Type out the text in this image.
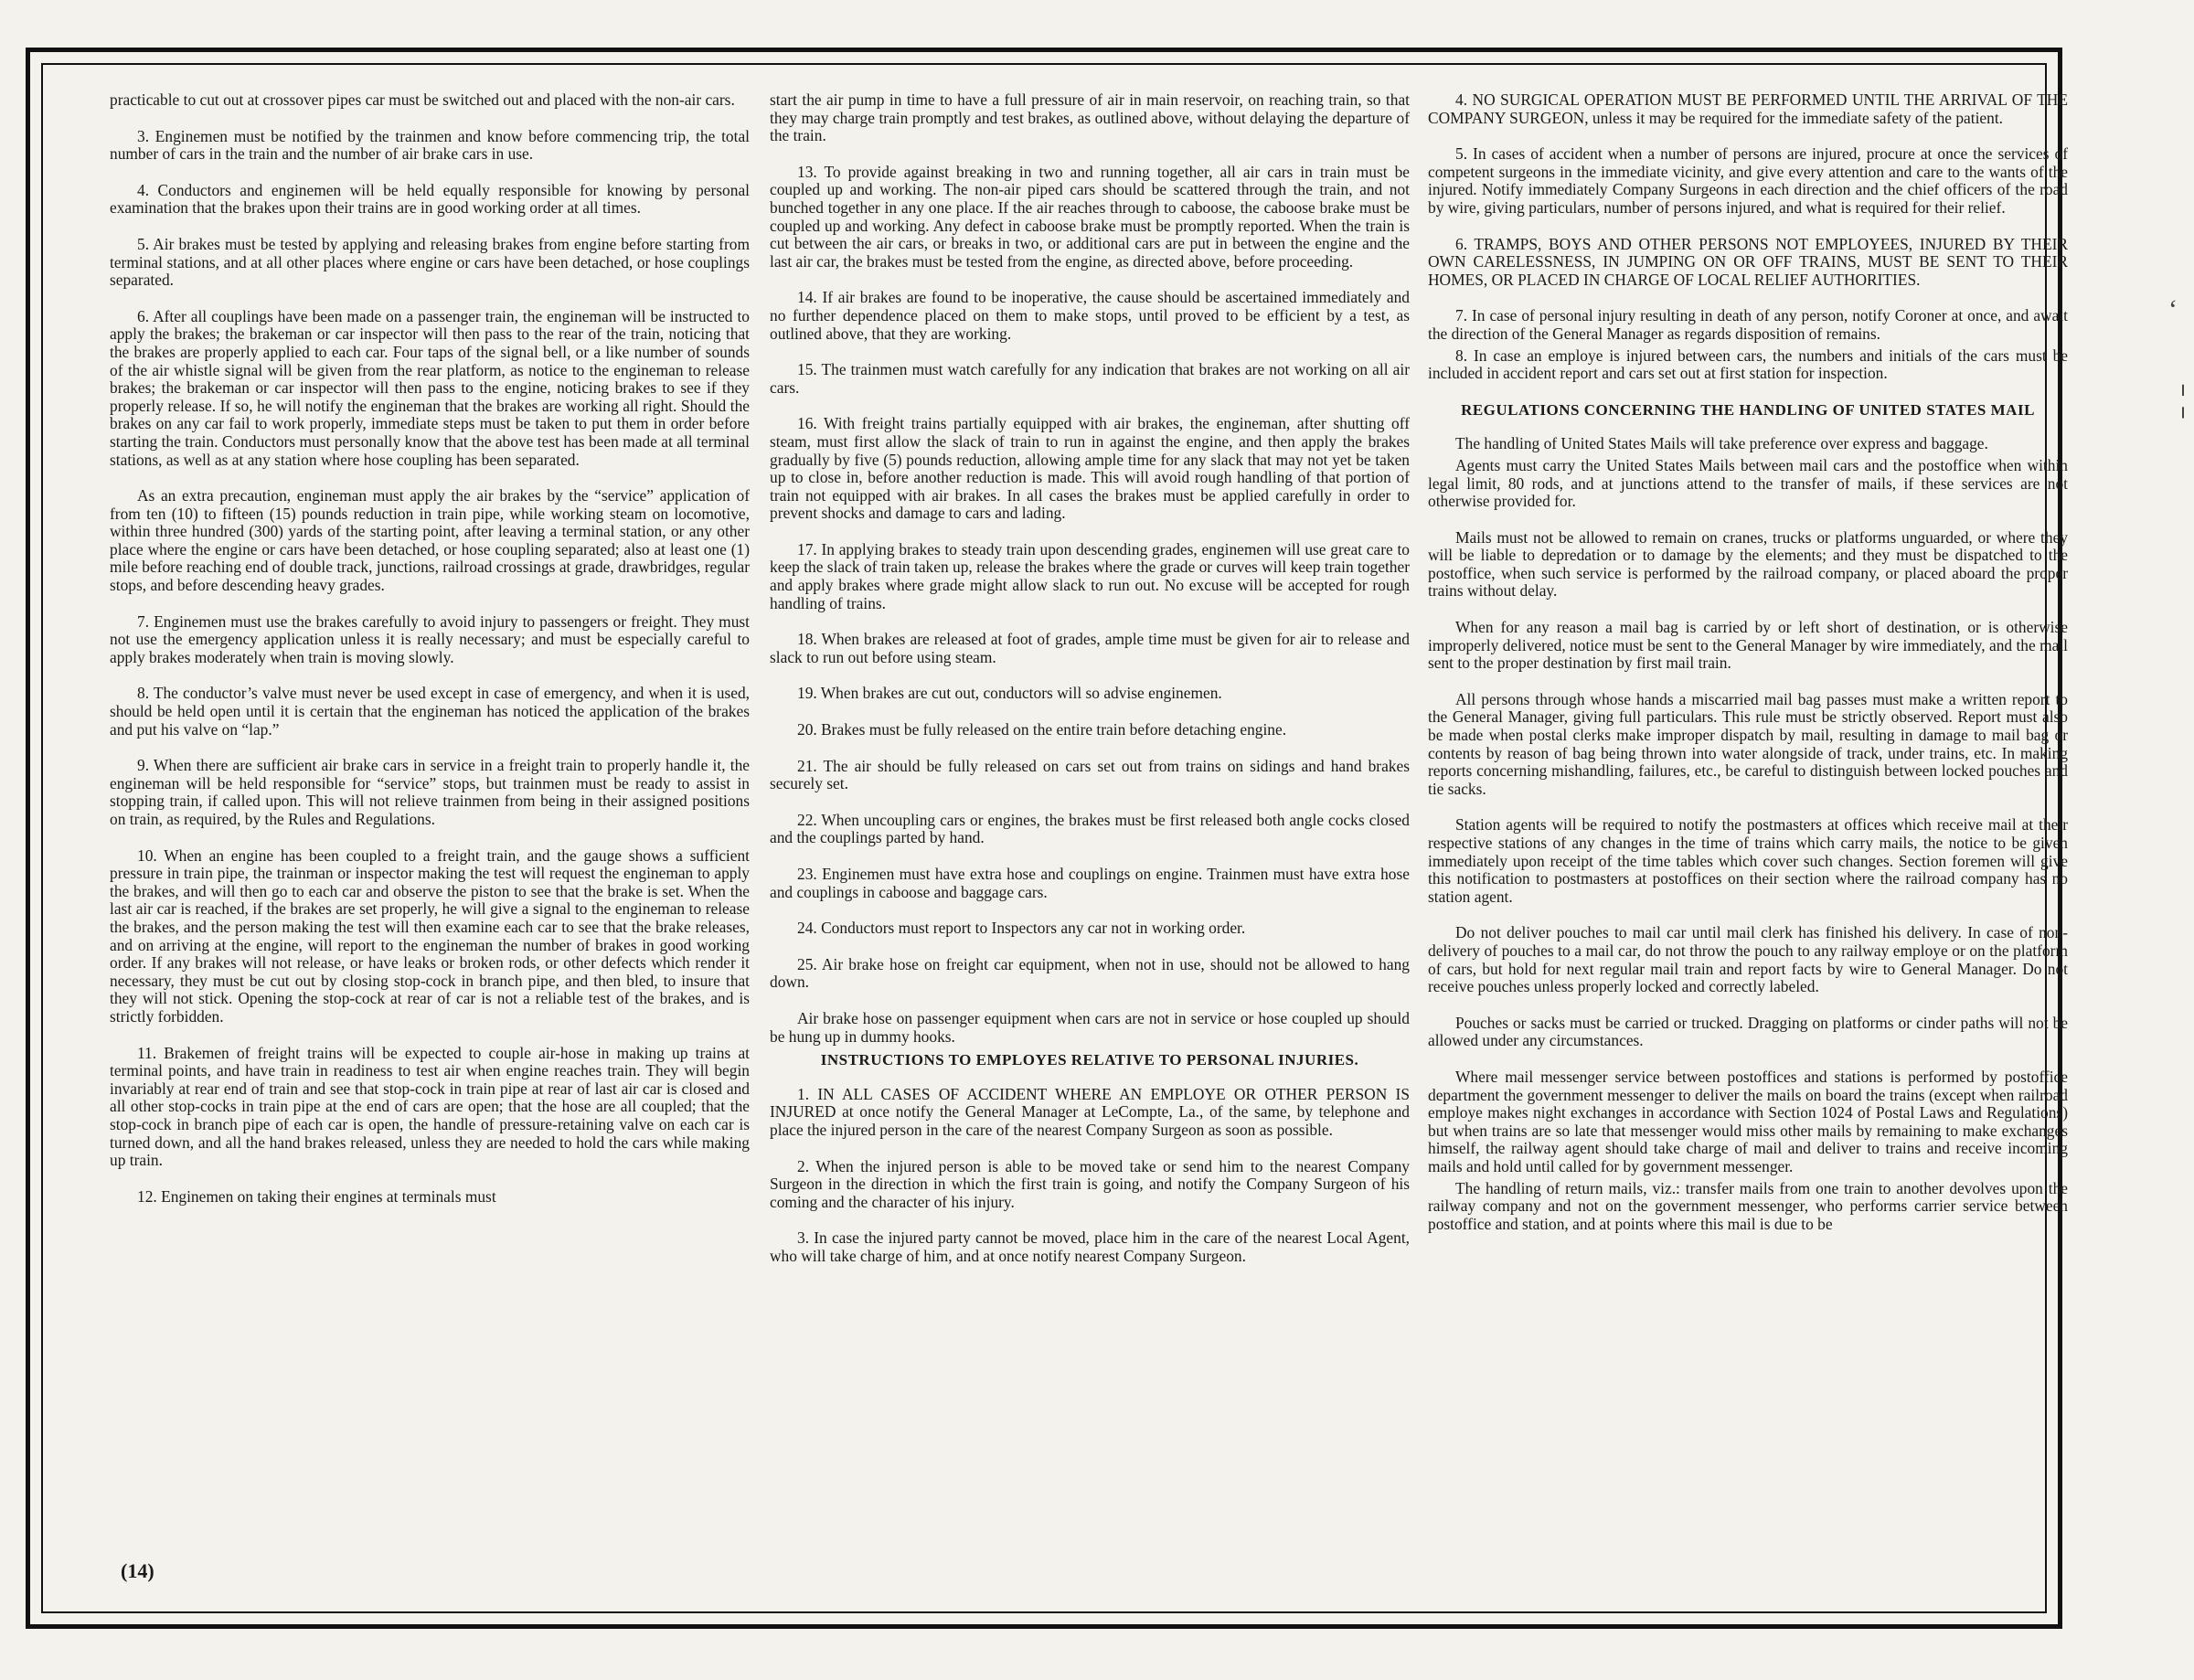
‘
¦

practicable to cut out at crossover pipes car must be switched out and placed with the non-air cars.

3. Enginemen must be notified by the trainmen and know before commencing trip, the total number of cars in the train and the number of air brake cars in use.

4. Conductors and enginemen will be held equally responsible for knowing by personal examination that the brakes upon their trains are in good working order at all times.

5. Air brakes must be tested by applying and releasing brakes from engine before starting from terminal stations, and at all other places where engine or cars have been detached, or hose couplings separated.

6. After all couplings have been made on a passenger train, the engineman will be instructed to apply the brakes; the brakeman or car inspector will then pass to the rear of the train, noticing that the brakes are properly applied to each car. Four taps of the signal bell, or a like number of sounds of the air whistle signal will be given from the rear platform, as notice to the engineman to release brakes; the brakeman or car inspector will then pass to the engine, noticing brakes to see if they properly release. If so, he will notify the engineman that the brakes are working all right. Should the brakes on any car fail to work properly, immediate steps must be taken to put them in order before starting the train. Conductors must personally know that the above test has been made at all terminal stations, as well as at any station where hose coupling has been separated.

As an extra precaution, engineman must apply the air brakes by the “service” application of from ten (10) to fifteen (15) pounds reduction in train pipe, while working steam on locomotive, within three hundred (300) yards of the starting point, after leaving a terminal station, or any other place where the engine or cars have been detached, or hose coupling separated; also at least one (1) mile before reaching end of double track, junctions, railroad crossings at grade, drawbridges, regular stops, and before descending heavy grades.

7. Enginemen must use the brakes carefully to avoid injury to passengers or freight. They must not use the emergency application unless it is really necessary; and must be especially careful to apply brakes moderately when train is moving slowly.

8. The conductor’s valve must never be used except in case of emergency, and when it is used, should be held open until it is certain that the engineman has noticed the application of the brakes and put his valve on “lap.”

9. When there are sufficient air brake cars in service in a freight train to properly handle it, the engineman will be held responsible for “service” stops, but trainmen must be ready to assist in stopping train, if called upon. This will not relieve trainmen from being in their assigned positions on train, as required, by the Rules and Regulations.

10. When an engine has been coupled to a freight train, and the gauge shows a sufficient pressure in train pipe, the trainman or inspector making the test will request the engineman to apply the brakes, and will then go to each car and observe the piston to see that the brake is set. When the last air car is reached, if the brakes are set properly, he will give a signal to the engineman to release the brakes, and the person making the test will then examine each car to see that the brake releases, and on arriving at the engine, will report to the engineman the number of brakes in good working order. If any brakes will not release, or have leaks or broken rods, or other defects which render it necessary, they must be cut out by closing stop-cock in branch pipe, and then bled, to insure that they will not stick. Opening the stop-cock at rear of car is not a reliable test of the brakes, and is strictly forbidden.

11. Brakemen of freight trains will be expected to couple air-hose in making up trains at terminal points, and have train in readiness to test air when engine reaches train. They will begin invariably at rear end of train and see that stop-cock in train pipe at rear of last air car is closed and all other stop-cocks in train pipe at the end of cars are open; that the hose are all coupled; that the stop-cock in branch pipe of each car is open, the handle of pressure-retaining valve on each car is turned down, and all the hand brakes released, unless they are needed to hold the cars while making up train.

12. Enginemen on taking their engines at terminals must

start the air pump in time to have a full pressure of air in main reservoir, on reaching train, so that they may charge train promptly and test brakes, as outlined above, without delaying the departure of the train.

13. To provide against breaking in two and running together, all air cars in train must be coupled up and working. The non-air piped cars should be scattered through the train, and not bunched together in any one place. If the air reaches through to caboose, the caboose brake must be coupled up and working. Any defect in caboose brake must be promptly reported. When the train is cut between the air cars, or breaks in two, or additional cars are put in between the engine and the last air car, the brakes must be tested from the engine, as directed above, before proceeding.

14. If air brakes are found to be inoperative, the cause should be ascertained immediately and no further dependence placed on them to make stops, until proved to be efficient by a test, as outlined above, that they are working.

15. The trainmen must watch carefully for any indication that brakes are not working on all air cars.

16. With freight trains partially equipped with air brakes, the engineman, after shutting off steam, must first allow the slack of train to run in against the engine, and then apply the brakes gradually by five (5) pounds reduction, allowing ample time for any slack that may not yet be taken up to close in, before another reduction is made. This will avoid rough handling of that portion of train not equipped with air brakes. In all cases the brakes must be applied carefully in order to prevent shocks and damage to cars and lading.

17. In applying brakes to steady train upon descending grades, enginemen will use great care to keep the slack of train taken up, release the brakes where the grade or curves will keep train together and apply brakes where grade might allow slack to run out. No excuse will be accepted for rough handling of trains.

18. When brakes are released at foot of grades, ample time must be given for air to release and slack to run out before using steam.

19. When brakes are cut out, conductors will so advise enginemen.

20. Brakes must be fully released on the entire train before detaching engine.

21. The air should be fully released on cars set out from trains on sidings and hand brakes securely set.

22. When uncoupling cars or engines, the brakes must be first released both angle cocks closed and the couplings parted by hand.

23. Enginemen must have extra hose and couplings on engine. Trainmen must have extra hose and couplings in caboose and baggage cars.

24. Conductors must report to Inspectors any car not in working order.

25. Air brake hose on freight car equipment, when not in use, should not be allowed to hang down.

Air brake hose on passenger equipment when cars are not in service or hose coupled up should be hung up in dummy hooks.

INSTRUCTIONS TO EMPLOYES RELATIVE TO PERSONAL INJURIES.

1. IN ALL CASES OF ACCIDENT WHERE AN EMPLOYE OR OTHER PERSON IS INJURED at once notify the General Manager at LeCompte, La., of the same, by telephone and place the injured person in the care of the nearest Company Surgeon as soon as possible.

2. When the injured person is able to be moved take or send him to the nearest Company Surgeon in the direction in which the first train is going, and notify the Company Surgeon of his coming and the character of his injury.

3. In case the injured party cannot be moved, place him in the care of the nearest Local Agent, who will take charge of him, and at once notify nearest Company Surgeon.

4. NO SURGICAL OPERATION MUST BE PERFORMED UNTIL THE ARRIVAL OF THE COMPANY SURGEON, unless it may be required for the immediate safety of the patient.

5. In cases of accident when a number of persons are injured, procure at once the services of competent surgeons in the immediate vicinity, and give every attention and care to the wants of the injured. Notify immediately Company Surgeons in each direction and the chief officers of the road by wire, giving particulars, number of persons injured, and what is required for their relief.

6. TRAMPS, BOYS AND OTHER PERSONS NOT EMPLOYEES, INJURED BY THEIR OWN CARELESSNESS, IN JUMPING ON OR OFF TRAINS, MUST BE SENT TO THEIR HOMES, OR PLACED IN CHARGE OF LOCAL RELIEF AUTHORITIES.

7. In case of personal injury resulting in death of any person, notify Coroner at once, and await the direction of the General Manager as regards disposition of remains.

8. In case an employe is injured between cars, the numbers and initials of the cars must be included in accident report and cars set out at first station for inspection.

REGULATIONS CONCERNING THE HANDLING OF UNITED STATES MAIL

The handling of United States Mails will take preference over express and baggage.

Agents must carry the United States Mails between mail cars and the postoffice when within legal limit, 80 rods, and at junctions attend to the transfer of mails, if these services are not otherwise provided for.

Mails must not be allowed to remain on cranes, trucks or platforms unguarded, or where they will be liable to depredation or to damage by the elements; and they must be dispatched to the postoffice, when such service is performed by the railroad company, or placed aboard the proper trains without delay.

When for any reason a mail bag is carried by or left short of destination, or is otherwise improperly delivered, notice must be sent to the General Manager by wire immediately, and the mail sent to the proper destination by first mail train.

All persons through whose hands a miscarried mail bag passes must make a written report to the General Manager, giving full particulars. This rule must be strictly observed. Report must also be made when postal clerks make improper dispatch by mail, resulting in damage to mail bag or contents by reason of bag being thrown into water alongside of track, under trains, etc. In making reports concerning mishandling, failures, etc., be careful to distinguish between locked pouches and tie sacks.

Station agents will be required to notify the postmasters at offices which receive mail at their respective stations of any changes in the time of trains which carry mails, the notice to be given immediately upon receipt of the time tables which cover such changes. Section foremen will give this notification to postmasters at postoffices on their section where the railroad company has no station agent.

Do not deliver pouches to mail car until mail clerk has finished his delivery. In case of non-delivery of pouches to a mail car, do not throw the pouch to any railway employe or on the platform of cars, but hold for next regular mail train and report facts by wire to General Manager. Do not receive pouches unless properly locked and correctly labeled.

Pouches or sacks must be carried or trucked. Dragging on platforms or cinder paths will not be allowed under any circumstances.

Where mail messenger service between postoffices and stations is performed by postoffice department the government messenger to deliver the mails on board the trains (except when railroad employe makes night exchanges in accordance with Section 1024 of Postal Laws and Regulations) but when trains are so late that messenger would miss other mails by remaining to make exchanges himself, the railway agent should take charge of mail and deliver to trains and receive incoming mails and hold until called for by government messenger.

The handling of return mails, viz.: transfer mails from one train to another devolves upon the railway company and not on the government messenger, who performs carrier service between postoffice and station, and at points where this mail is due to be

(14)
